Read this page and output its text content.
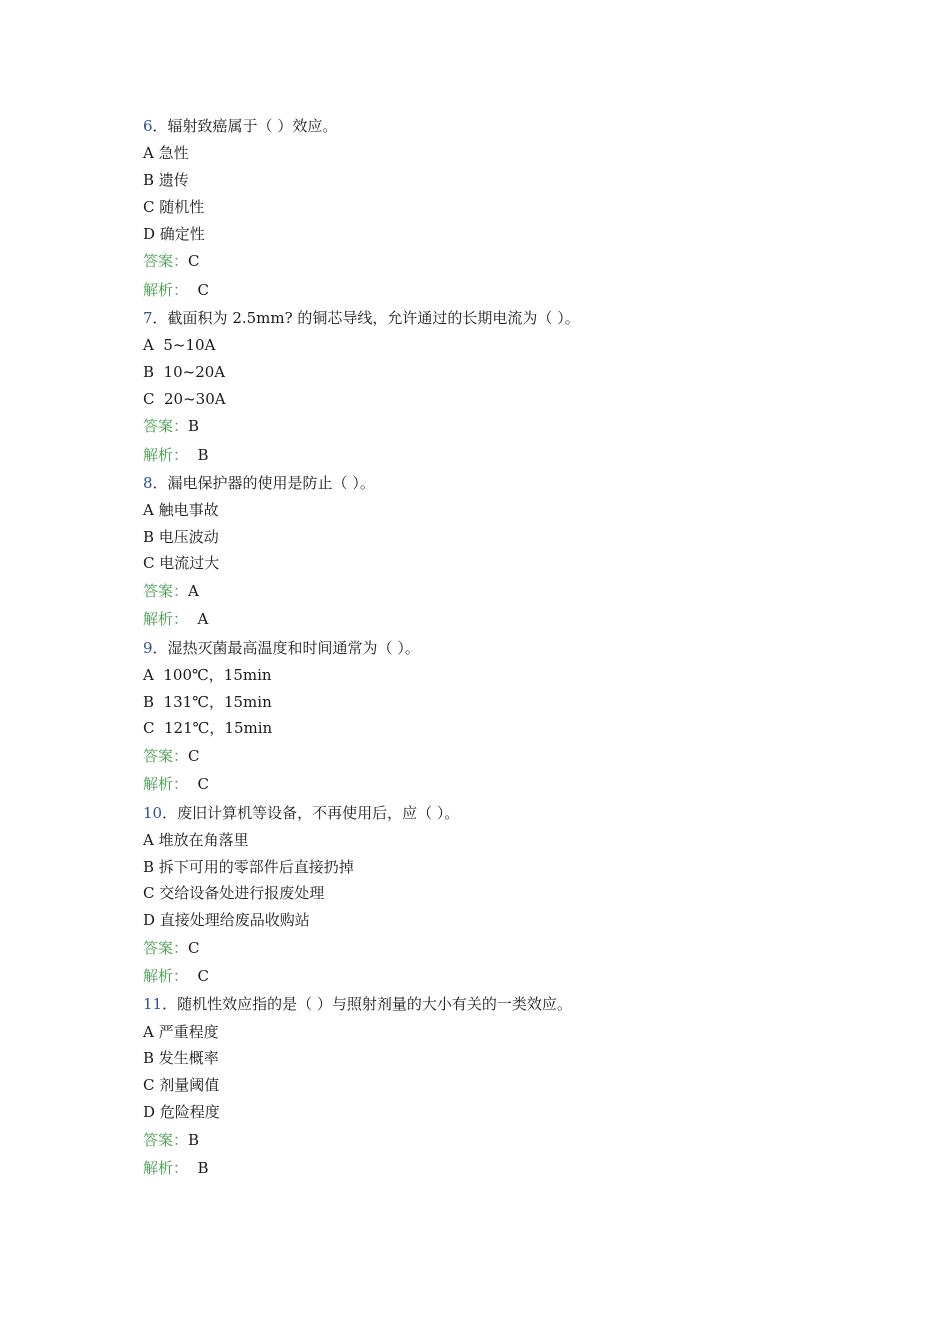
6．辐射致癌属于（ ）效应。
A 急性
B 遗传
C 随机性
D 确定性
答案：C
解析：  C
7．截面积为 2.5mm? 的铜芯导线，允许通过的长期电流为（ ）。
A  5~10A
B  10~20A
C  20~30A
答案：B
解析：  B
8．漏电保护器的使用是防止（ ）。
A 触电事故
B 电压波动
C 电流过大
答案：A
解析：  A
9．湿热灭菌最高温度和时间通常为（ ）。
A  100℃，15min
B  131℃，15min
C  121℃，15min
答案：C
解析：  C
10．废旧计算机等设备，不再使用后，应（ ）。
A 堆放在角落里
B 拆下可用的零部件后直接扔掉
C 交给设备处进行报废处理
D 直接处理给废品收购站
答案：C
解析：  C
11．随机性效应指的是（ ）与照射剂量的大小有关的一类效应。
A 严重程度
B 发生概率
C 剂量阈值
D 危险程度
答案：B
解析：  B
